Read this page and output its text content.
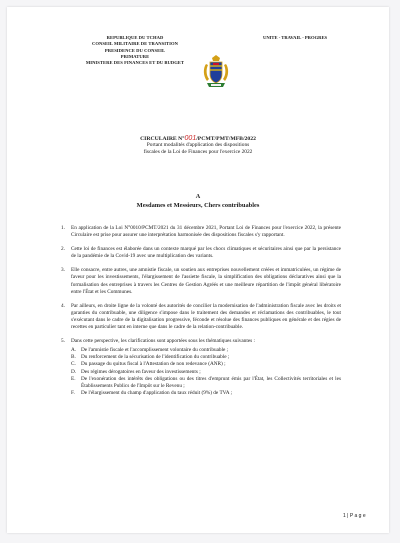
REPUBLIQUE DU TCHAD
CONSEIL MILITAIRE DE TRANSITION
PRESIDENCE DU CONSEIL
PRIMATURE
MINISTERE DES FINANCES ET DU BUDGET
UNITE - TRAVAIL - PROGRES
CIRCULAIRE N°001/PCMT/PMT/MFB/2022
Portant modalités d'application des dispositions
fiscales de la Loi de Finances pour l'exercice 2022
A
Mesdames et Messieurs, Chers contribuables
1. En application de la Loi N°0010/PCMT/2021 du 31 décembre 2021, Portant Loi de Finances pour l'exercice 2022, la présente Circulaire est prise pour assurer une interprétation harmonisée des dispositions fiscales s'y rapportant.
2. Cette loi de finances est élaborée dans un contexte marqué par les chocs climatiques et sécuritaires ainsi que par la persistance de la pandémie de la Covid-19 avec une multiplication des variants.
3. Elle consacre, entre autres, une amnistie fiscale, un soutien aux entreprises nouvellement créées et immatriculées, un régime de faveur pour les investissements, l'élargissement de l'assiette fiscale, la simplification des obligations déclaratives ainsi que la formalisation des entreprises à travers les Centres de Gestion Agréés et une meilleure répartition de l'impôt général libératoire entre l'État et les Communes.
4. Par ailleurs, en droite ligne de la volonté des autorités de concilier la modernisation de l'administration fiscale avec les droits et garanties du contribuable, une diligence s'impose dans le traitement des demandes et réclamations des contribuables, le tout s'exécutant dans le cadre de la digitalisation progressive, féconde et résolue des finances publiques en générale et des régies de recettes en particulier tant en interne que dans le cadre de la relation-contribuable.
5. Dans cette perspective, les clarifications sont apportées sous les thématiques suivantes :
A. De l'amnistie fiscale et l'accomplissement volontaire du contribuable ;
B. Du renforcement de la sécurisation de l'identification du contribuable ;
C. Du passage du quitus fiscal à l'Attestation de non redevance (ANR) ;
D. Des régimes dérogatoires en faveur des investissements ;
E. De l'exonération des intérêts des obligations ou des titres d'emprunt émis par l'État, les Collectivités territoriales et les Établissements Publics de l'Impôt sur le Revenu ;
F. De l'élargissement du champ d'application du taux réduit (9%) de TVA ;
1 | P a g e
